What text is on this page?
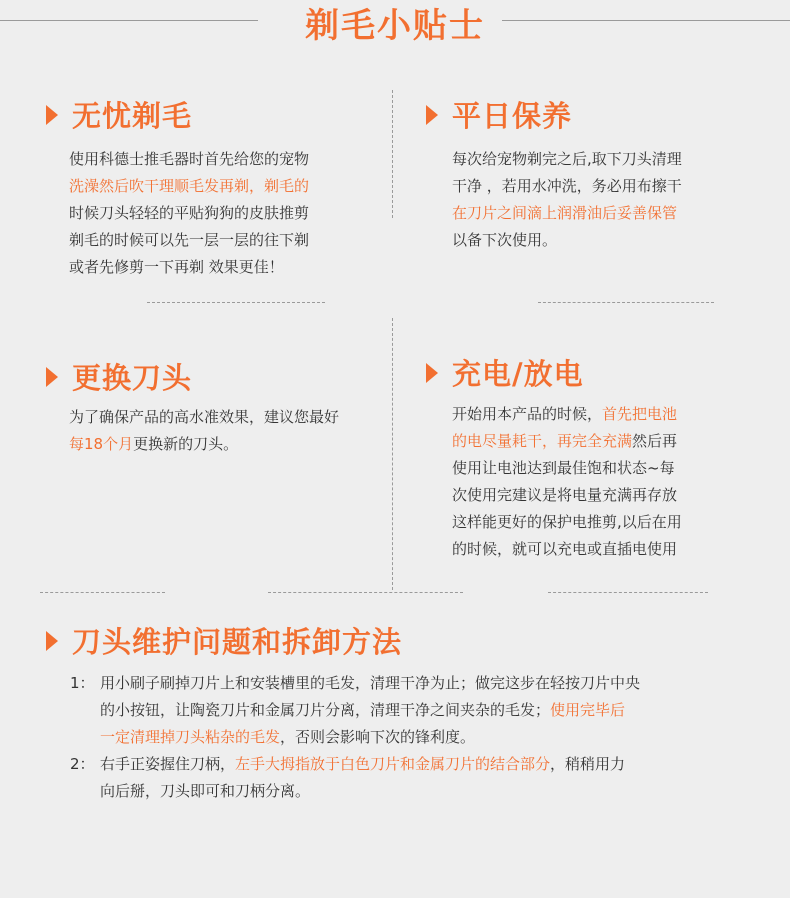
剃毛小贴士
无忧剃毛
使用科德士推毛器时首先给您的宠物
洗澡然后吹干理顺毛发再剃，剃毛的
时候刀头轻轻的平贴狗狗的皮肤推剪
剃毛的时候可以先一层一层的往下剃
或者先修剪一下再剃 效果更佳！
平日保养
每次给宠物剃完之后,取下刀头清理
干净 ，若用水冲洗，务必用布擦干
在刀片之间滴上润滑油后妥善保管
以备下次使用。
更换刀头
为了确保产品的高水准效果，建议您最好
每18个月更换新的刀头。
充电/放电
开始用本产品的时候，首先把电池
的电尽量耗干，再完全充满然后再
使用让电池达到最佳饱和状态~每
次使用完建议是将电量充满再存放
这样能更好的保护电推剪,以后在用
的时候，就可以充电或直插电使用
刀头维护问题和拆卸方法
1： 用小刷子刷掉刀片上和安装槽里的毛发，清理干净为止；做完这步在轻按刀片中央
的小按钮，让陶瓷刀片和金属刀片分离，清理干净之间夹杂的毛发；使用完毕后
一定清理掉刀头粘杂的毛发，否则会影响下次的锋利度。
2： 右手正姿握住刀柄，左手大拇指放于白色刀片和金属刀片的结合部分，稍稍用力
向后掰，刀头即可和刀柄分离。
